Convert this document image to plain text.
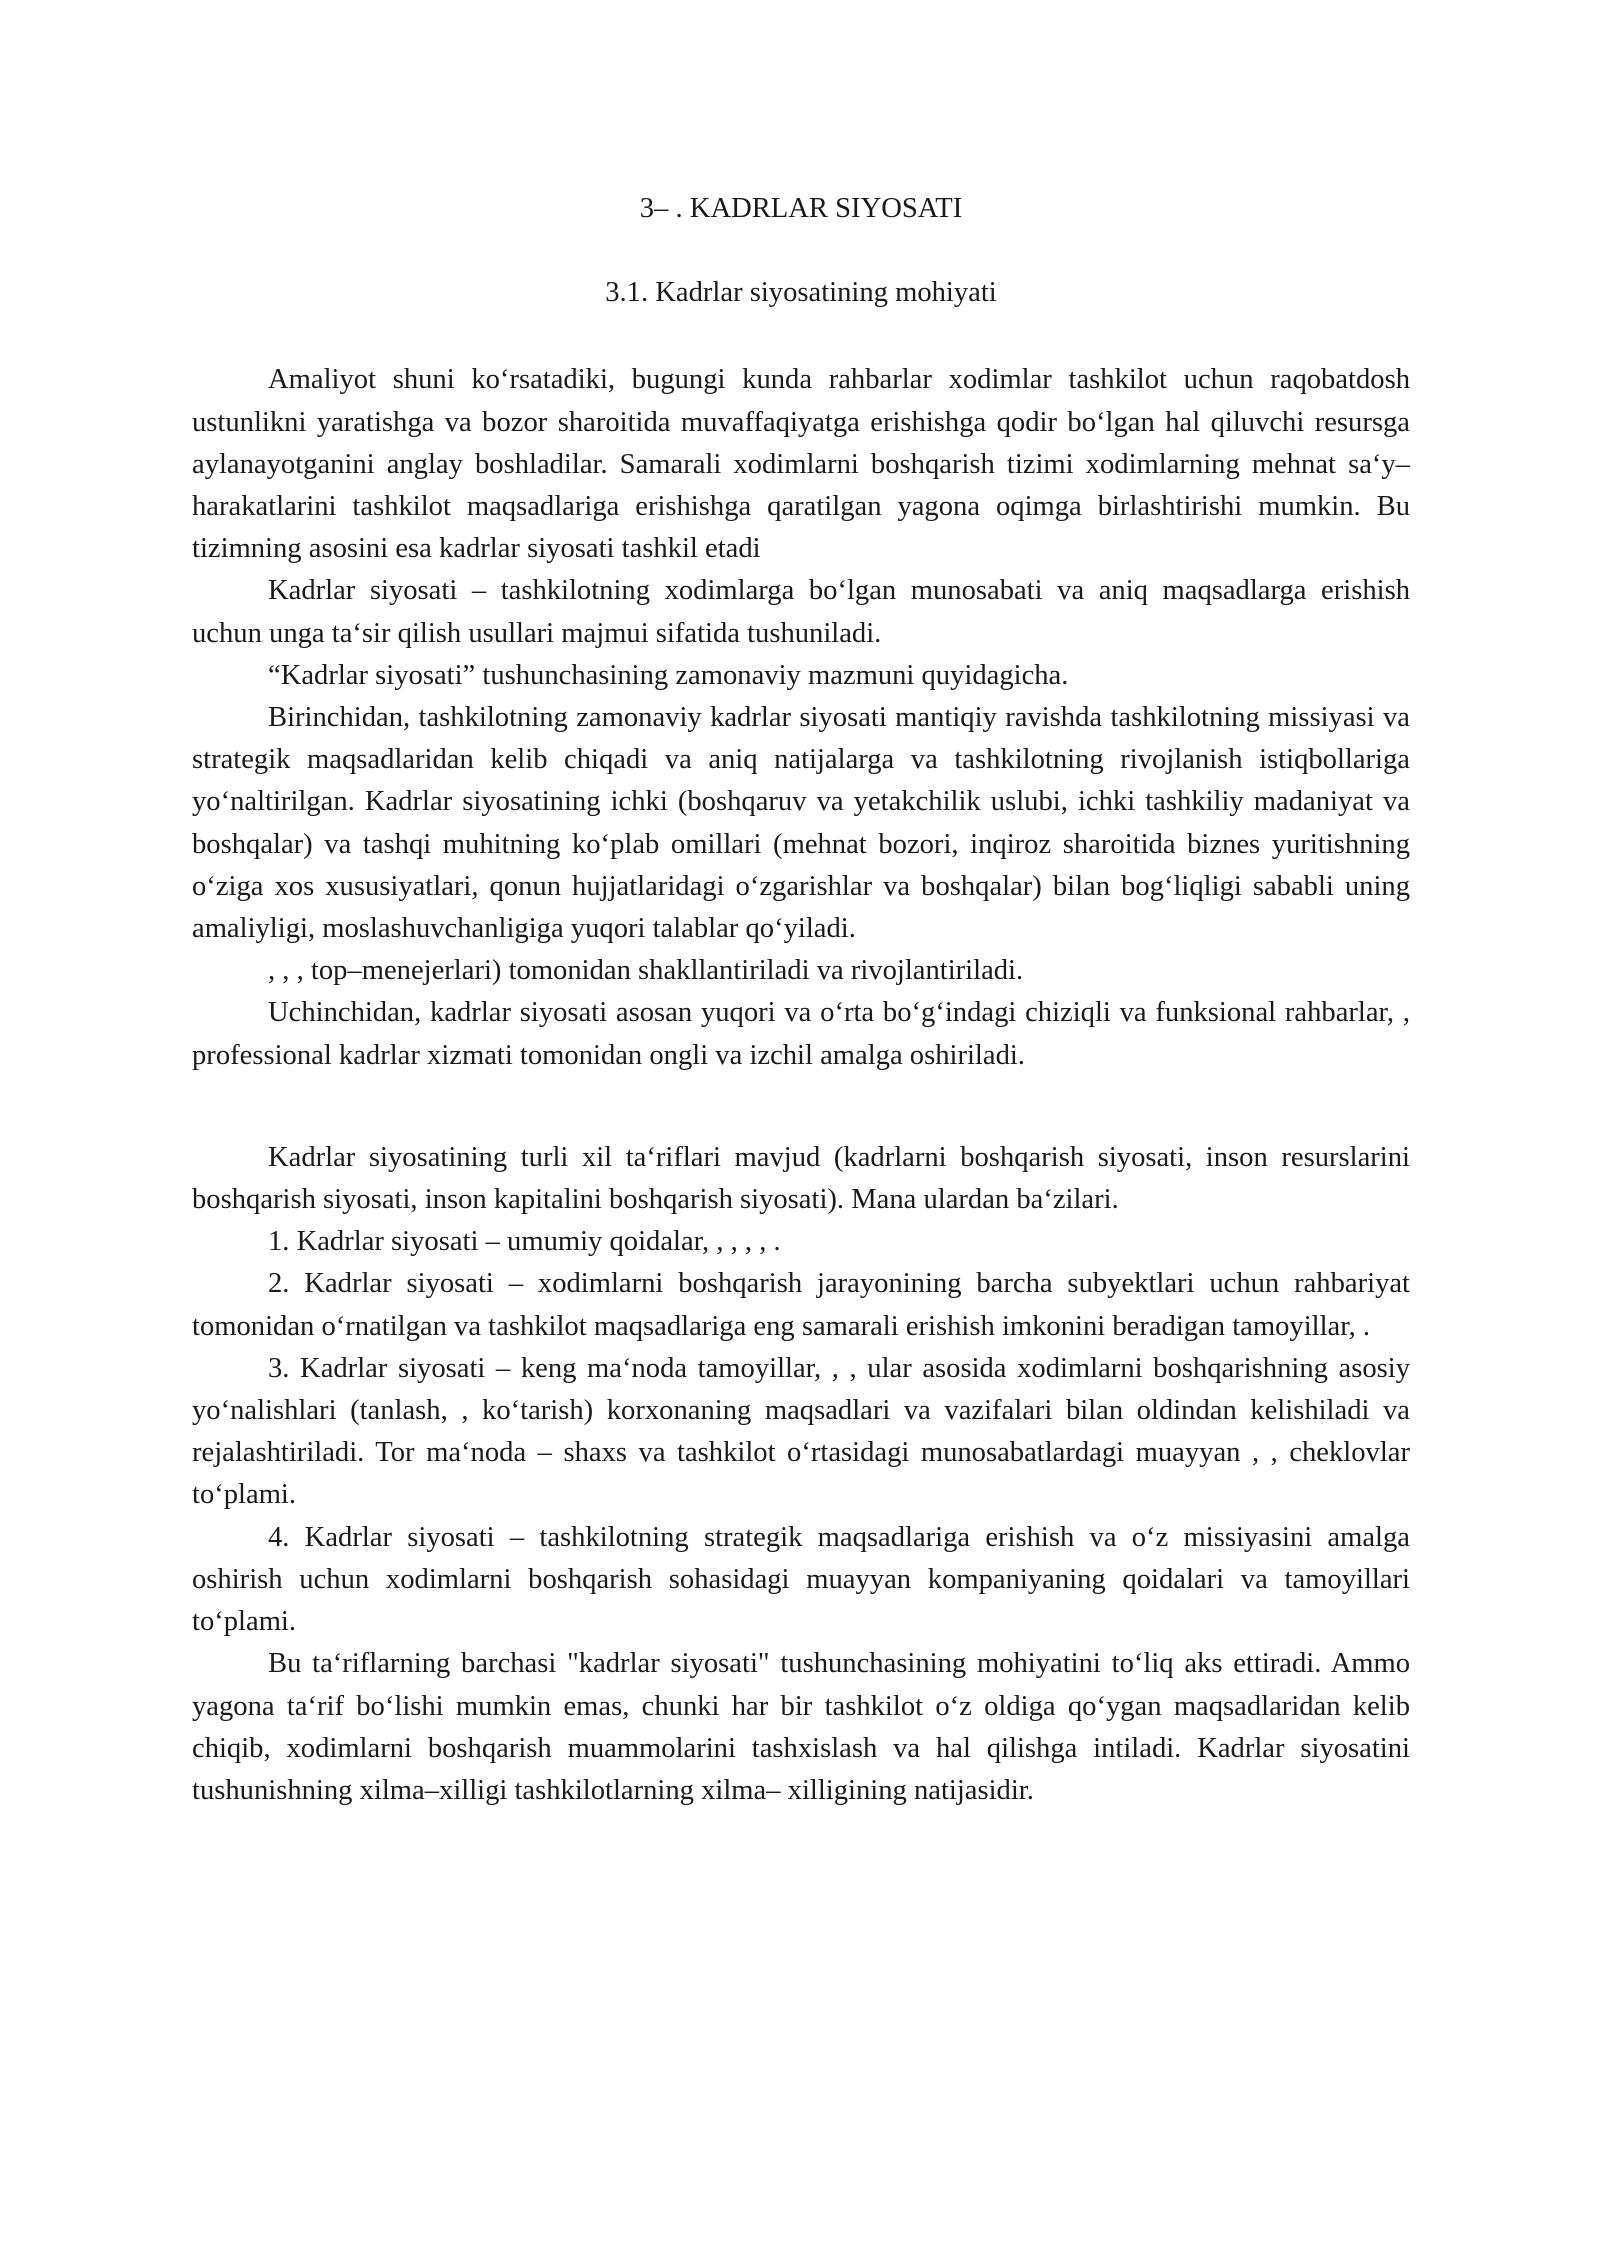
3– . KADRLAR SIYOSATI

3.1. Kadrlar siyosatining mohiyati

Amaliyot shuni ko‘rsatadiki, bugungi kunda rahbarlar xodimlar tashkilot uchun raqobatdosh ustunlikni yaratishga va bozor sharoitida muvaffaqiyatga erishishga qodir bo‘lgan hal qiluvchi resursga aylanayotganini anglay boshladilar. Samarali xodimlarni boshqarish tizimi xodimlarning mehnat sa‘y–harakatlarini tashkilot maqsadlariga erishishga qaratilgan yagona oqimga birlashtirishi mumkin. Bu tizimning asosini esa kadrlar siyosati tashkil etadi

Kadrlar siyosati – tashkilotning xodimlarga bo‘lgan munosabati va aniq maqsadlarga erishish uchun unga ta‘sir qilish usullari majmui sifatida tushuniladi.

“Kadrlar siyosati” tushunchasining zamonaviy mazmuni quyidagicha.

Birinchidan, tashkilotning zamonaviy kadrlar siyosati mantiqiy ravishda tashkilotning missiyasi va strategik maqsadlaridan kelib chiqadi va aniq natijalarga va tashkilotning rivojlanish istiqbollariga yo‘naltirilgan. Kadrlar siyosatining ichki (boshqaruv va yetakchilik uslubi, ichki tashkiliy madaniyat va boshqalar) va tashqi muhitning ko‘plab omillari (mehnat bozori, inqiroz sharoitida biznes yuritishning o‘ziga xos xususiyatlari, qonun hujjatlaridagi o‘zgarishlar va boshqalar) bilan bog‘liqligi sababli uning amaliyligi, moslashuvchanligiga yuqori talablar qo‘yiladi.

, , , top–menejerlari) tomonidan shakllantiriladi va rivojlantiriladi.

Uchinchidan, kadrlar siyosati asosan yuqori va o‘rta bo‘g‘indagi chiziqli va funksional rahbarlar, , professional kadrlar xizmati tomonidan ongli va izchil amalga oshiriladi.

Kadrlar siyosatining turli xil ta‘riflari mavjud (kadrlarni boshqarish siyosati, inson resurslarini boshqarish siyosati, inson kapitalini boshqarish siyosati). Mana ulardan ba‘zilari.

1. Kadrlar siyosati – umumiy qoidalar, , , , , .

2. Kadrlar siyosati – xodimlarni boshqarish jarayonining barcha subyektlari uchun rahbariyat tomonidan o‘rnatilgan va tashkilot maqsadlariga eng samarali erishish imkonini beradigan tamoyillar, .

3. Kadrlar siyosati – keng ma‘noda tamoyillar, , , ular asosida xodimlarni boshqarishning asosiy yo‘nalishlari (tanlash, , ko‘tarish) korxonaning maqsadlari va vazifalari bilan oldindan kelishiladi va rejalashtiriladi. Tor ma‘noda – shaxs va tashkilot o‘rtasidagi munosabatlardagi muayyan , , cheklovlar to‘plami.

4. Kadrlar siyosati – tashkilotning strategik maqsadlariga erishish va o‘z missiyasini amalga oshirish uchun xodimlarni boshqarish sohasidagi muayyan kompaniyaning qoidalari va tamoyillari to‘plami.

Bu ta‘riflarning barchasi "kadrlar siyosati" tushunchasining mohiyatini to‘liq aks ettiradi. Ammo yagona ta‘rif bo‘lishi mumkin emas, chunki har bir tashkilot o‘z oldiga qo‘ygan maqsadlaridan kelib chiqib, xodimlarni boshqarish muammolarini tashxislash va hal qilishga intiladi. Kadrlar siyosatini tushunishning xilma–xilligi tashkilotlarning xilma– xilligining natijasidir.
